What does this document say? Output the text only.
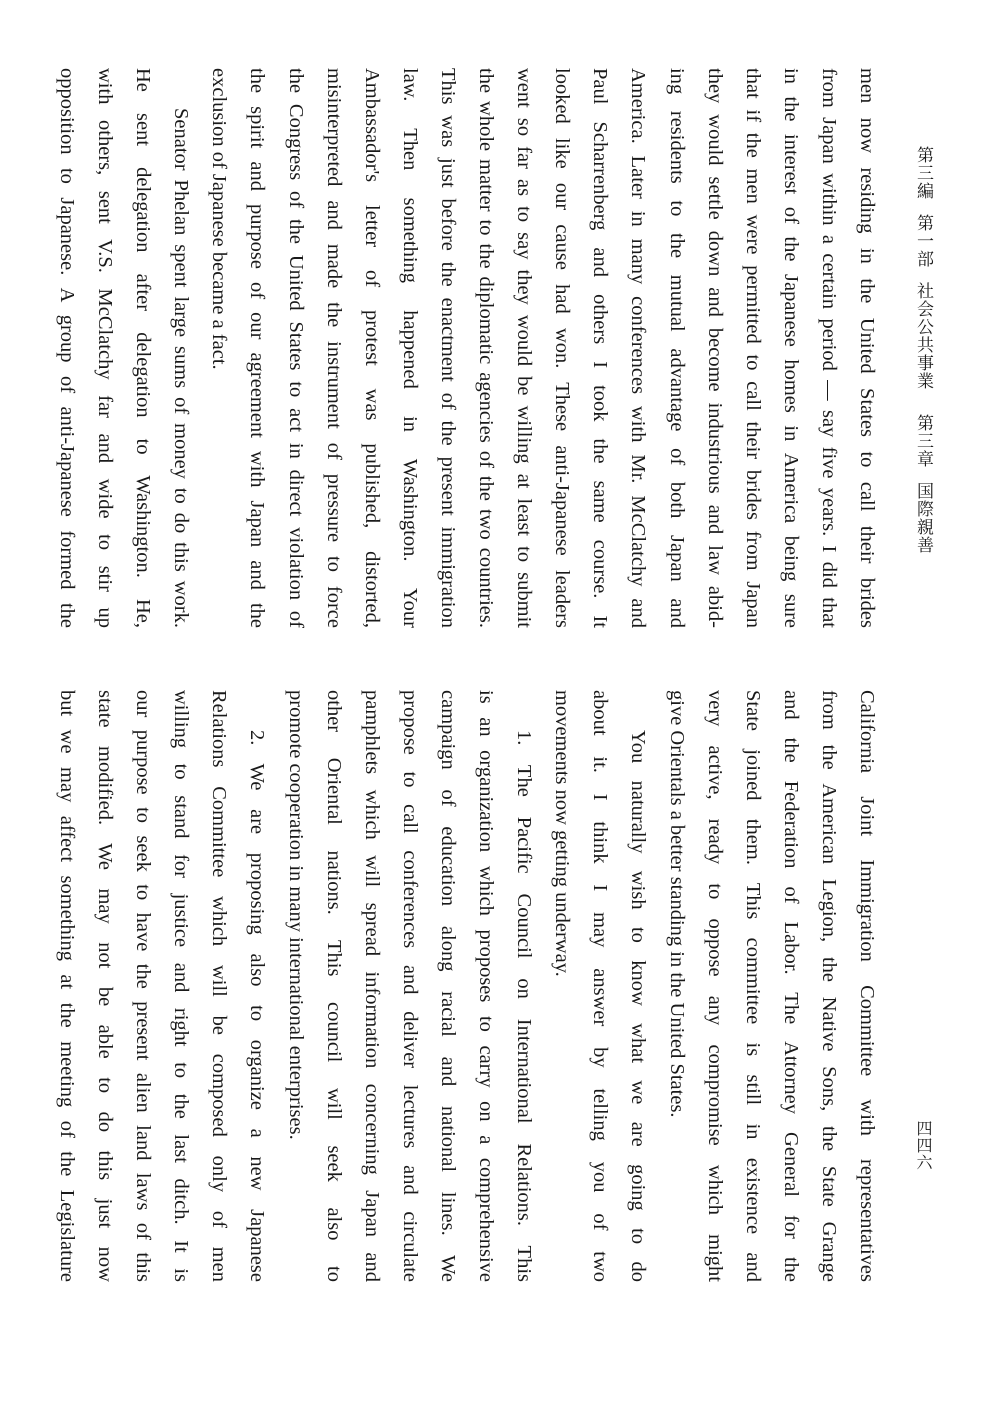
第三編
第一部
社会公共事業
第三章
国際親善
四四六
men now residing in the United States to call their brides
from Japan within a certain period — say five years. I did that
in the interest of the Japanese homes in America being sure
that if the men were permitted to call their brides from Japan
they would settle down and become industrious and law abid-
ing residents to the mutual advantage of both Japan and
America. Later in many conferences with Mr. McClatchy and
Paul Scharrenberg and others I took the same course. It
looked like our cause had won. These anti-Japanese leaders
went so far as to say they would be willing at least to submit
the whole matter to the diplomatic agencies of the two countries.
This was just before the enactment of the present immigration
law. Then something happened in Washington. Your
Ambassador's letter of protest was published, distorted,
misinterpreted and made the instrument of pressure to force
the Congress of the United States to act in direct violation of
the spirit and purpose of our agreement with Japan and the
exclusion of Japanese became a fact.
Senator Phelan spent large sums of money to do this work.
He sent delegation after delegation to Washington. He,
with others, sent V.S. McClatchy far and wide to stir up
opposition to Japanese. A group of anti-Japanese formed the
California Joint Immigration Committee with representatives
from the American Legion, the Native Sons, the State Grange
and the Federation of Labor. The Attorney General for the
State joined them. This committee is still in existence and
very active, ready to oppose any compromise which might
give Orientals a better standing in the United States.
You naturally wish to know what we are going to do
about it. I think I may answer by telling you of two
movements now getting underway.
1. The Pacific Council on International Relations. This
is an organization which proposes to carry on a comprehensive
campaign of education along racial and national lines. We
propose to call conferences and deliver lectures and circulate
pamphlets which will spread information concerning Japan and
other Oriental nations. This council will seek also to
promote cooperation in many international enterprises.
2. We are proposing also to organize a new Japanese
Relations Committee which will be composed only of men
willing to stand for justice and right to the last ditch. It is
our purpose to seek to have the present alien land laws of this
state modified. We may not be able to do this just now
but we may affect something at the meeting of the Legislature
